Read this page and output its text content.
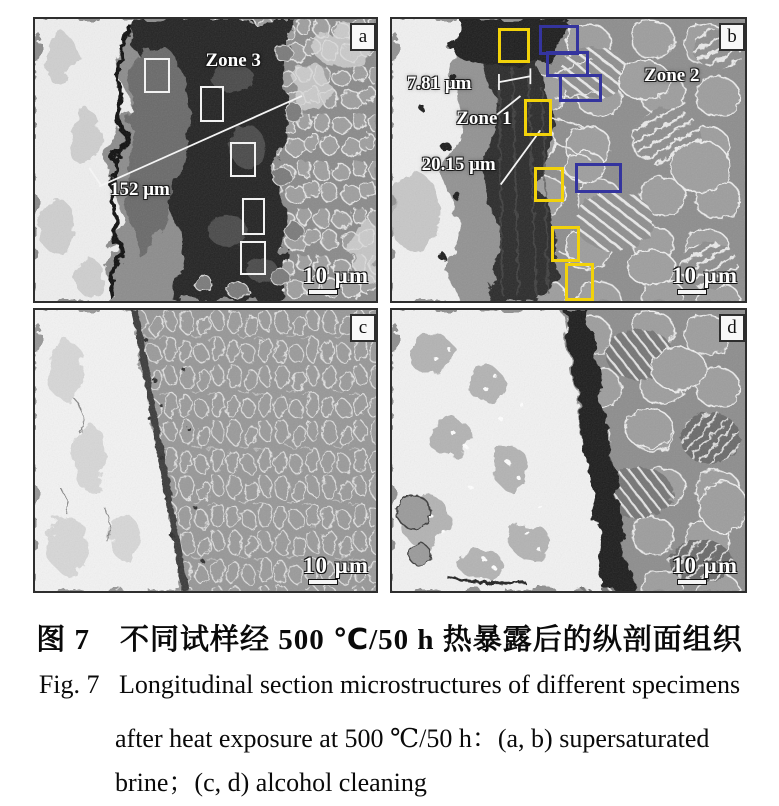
Zone 3
152 μm
10 μm
a
7.81 μm
Zone 1
20.15 μm
Zone 2
10 μm
b
10 μm
c
10 μm
d
图 7　不同试样经 500 ℃/50 h 热暴露后的纵剖面组织
Fig. 7   Longitudinal section microstructures of different specimens
after heat exposure at 500 ℃/50 h：(a, b) supersaturated
brine；(c, d) alcohol cleaning
